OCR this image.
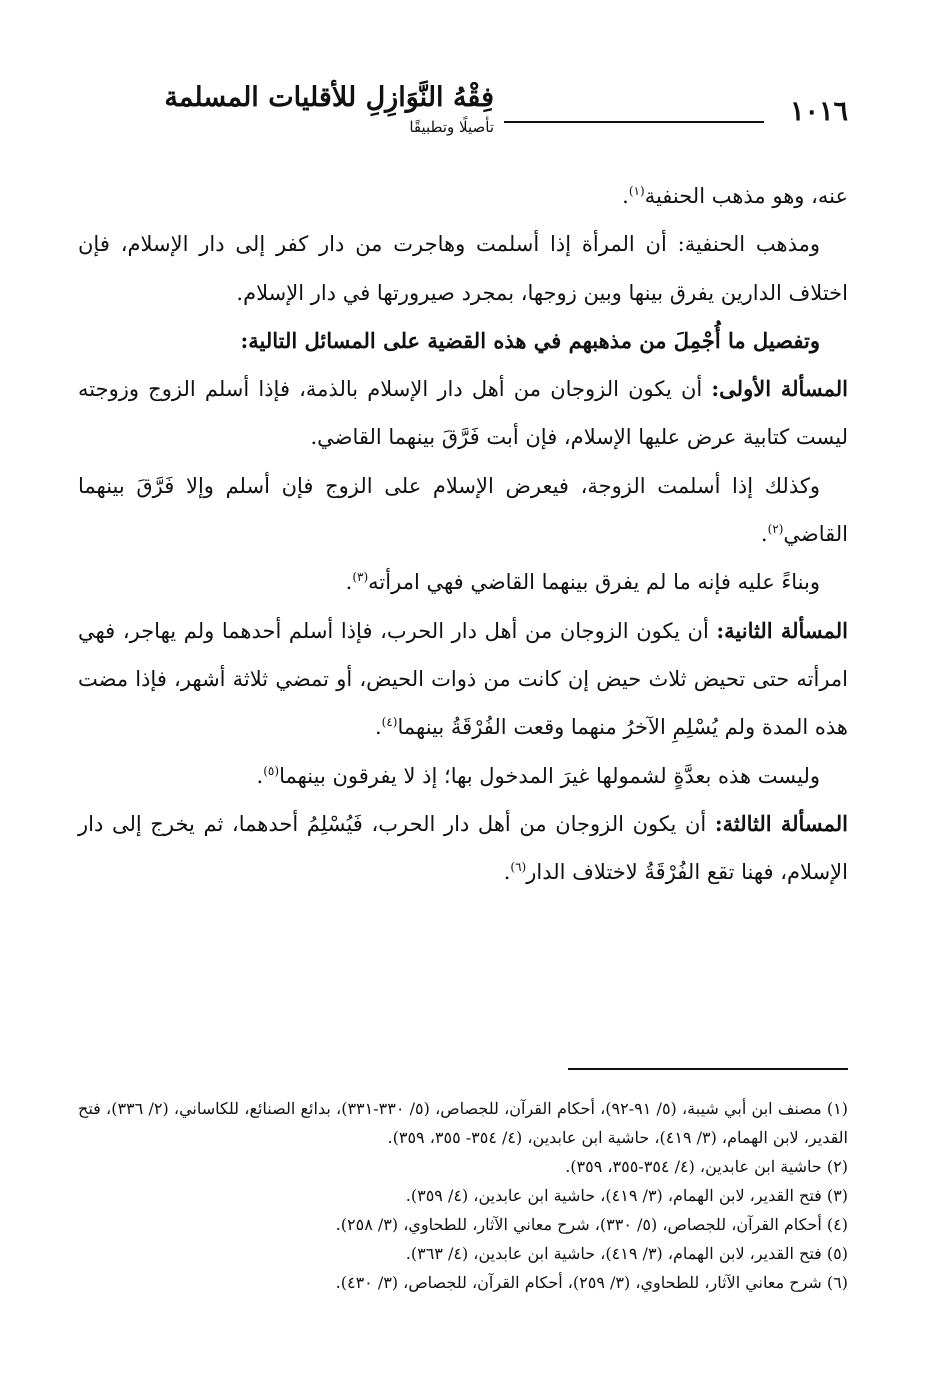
١٠١٦
فِقْهُ النَّوَازِلِ للأقليات المسلمة
تأصيلًا وتطبيقًا

عنه، وهو مذهب الحنفية$^{(١)}$.

ومذهب الحنفية: أن المرأة إذا أسلمت وهاجرت من دار كفر إلى دار الإسلام، فإن اختلاف الدارين يفرق بينها وبين زوجها، بمجرد صيرورتها في دار الإسلام.

وتفصيل ما أُجْمِلَ من مذهبهم في هذه القضية على المسائل التالية:

المسألة الأولى: أن يكون الزوجان من أهل دار الإسلام بالذمة، فإذا أسلم الزوج وزوجته ليست كتابية عرض عليها الإسلام، فإن أبت فَرَّقَ بينهما القاضي.

وكذلك إذا أسلمت الزوجة، فيعرض الإسلام على الزوج فإن أسلم وإلا فَرَّقَ بينهما القاضي$^{(٢)}$.

وبناءً عليه فإنه ما لم يفرق بينهما القاضي فهي امرأته$^{(٣)}$.

المسألة الثانية: أن يكون الزوجان من أهل دار الحرب، فإذا أسلم أحدهما ولم يهاجر، فهي امرأته حتى تحيض ثلاث حيض إن كانت من ذوات الحيض، أو تمضي ثلاثة أشهر، فإذا مضت هذه المدة ولم يُسْلِمِ الآخرُ منهما وقعت الفُرْقَةُ بينهما$^{(٤)}$.

وليست هذه بعدَّةٍ لشمولها غيرَ المدخول بها؛ إذ لا يفرقون بينهما$^{(٥)}$.

المسألة الثالثة: أن يكون الزوجان من أهل دار الحرب، فَيُسْلِمُ أحدهما، ثم يخرج إلى دار الإسلام، فهنا تقع الفُرْقَةُ لاختلاف الدار$^{(٦)}$.

(١) مصنف ابن أبي شيبة، (٥/ ٩١-٩٢)، أحكام القرآن، للجصاص، (٥/ ٣٣٠-٣٣١)، بدائع الصنائع، للكاساني، (٢/ ٣٣٦)، فتح القدير، لابن الهمام، (٣/ ٤١٩)، حاشية ابن عابدين، (٤/ ٣٥٤- ٣٥٥، ٣٥٩).

(٢) حاشية ابن عابدين، (٤/ ٣٥٤-٣٥٥، ٣٥٩).

(٣) فتح القدير، لابن الهمام، (٣/ ٤١٩)، حاشية ابن عابدين، (٤/ ٣٥٩).

(٤) أحكام القرآن، للجصاص، (٥/ ٣٣٠)، شرح معاني الآثار، للطحاوي، (٣/ ٢٥٨).

(٥) فتح القدير، لابن الهمام، (٣/ ٤١٩)، حاشية ابن عابدين، (٤/ ٣٦٣).

(٦) شرح معاني الآثار، للطحاوي، (٣/ ٢٥٩)، أحكام القرآن، للجصاص، (٣/ ٤٣٠).
